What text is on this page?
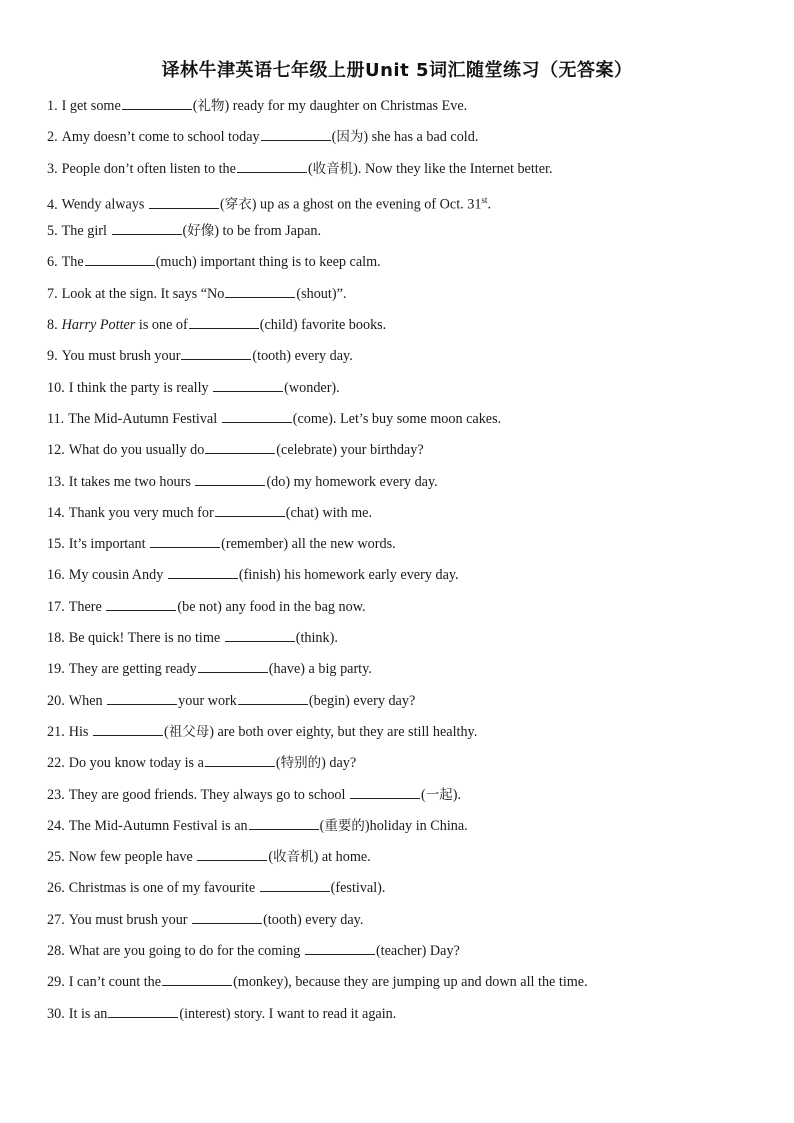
译林牛津英语七年级上册Unit 5词汇随堂练习（无答案）
1. I get some	(礼物) ready for my daughter on Christmas Eve.
2. Amy doesn’t come to school today	(因为) she has a bad cold.
3. People don’t often listen to the	(收音机). Now they like the Internet better.
4. Wendy always	(穿衣) up as a ghost on the evening of Oct. 31st.
5. The girl	(好像) to be from Japan.
6. The	(much) important thing is to keep calm.
7. Look at the sign. It says “No	(shout)”.
8. Harry Potter is one of	(child) favorite books.
9. You must brush your	(tooth) every day.
10. I think the party is really	(wonder).
11. The Mid-Autumn Festival	(come). Let’s buy some moon cakes.
12. What do you usually do	(celebrate) your birthday?
13. It takes me two hours	(do) my homework every day.
14. Thank you very much for	(chat) with me.
15. It’s important	(remember) all the new words.
16. My cousin Andy	(finish) his homework early every day.
17. There	(be not) any food in the bag now.
18. Be quick! There is no time	(think).
19. They are getting ready	(have) a big party.
20. When	your work	(begin) every day?
21. His	(祖父母) are both over eighty, but they are still healthy.
22. Do you know today is a	(特别的) day?
23. They are good friends. They always go to school	(一起).
24. The Mid-Autumn Festival is an	(重要的)holiday in China.
25. Now few people have	(收音机) at home.
26. Christmas is one of my favourite	(festival).
27. You must brush your	(tooth) every day.
28. What are you going to do for the coming	(teacher) Day?
29. I can’t count the	(monkey), because they are jumping up and down all the time.
30. It is an	(interest) story. I want to read it again.
